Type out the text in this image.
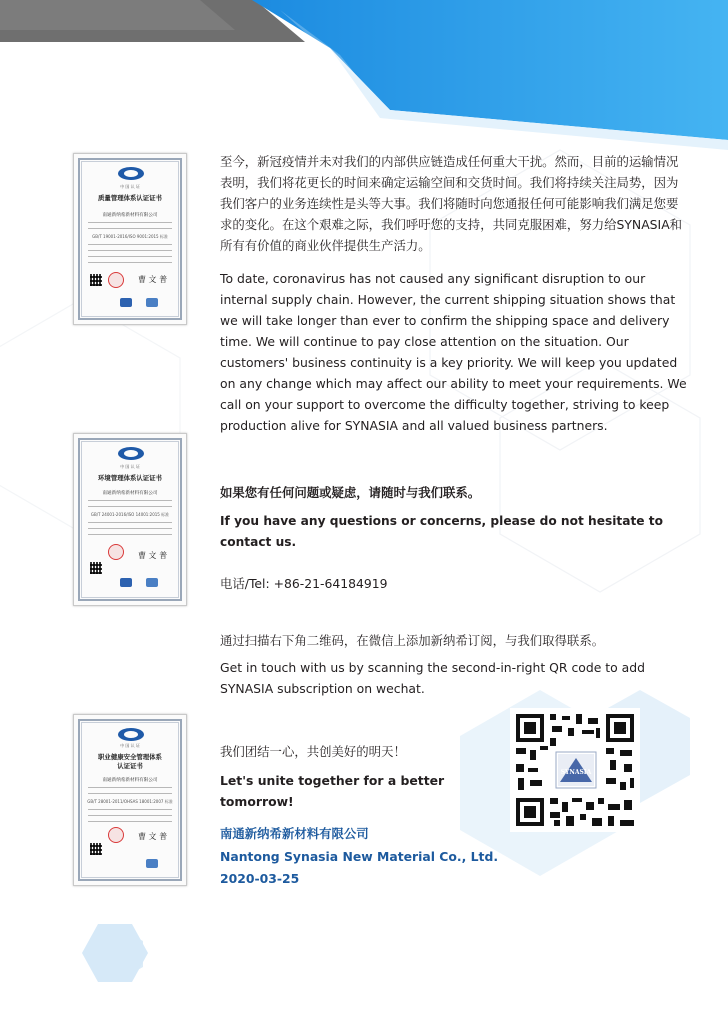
中 国 认 证
质量管理体系认证证书
南通新纳希新材料有限公司
GB/T 19001-2016/ISO 9001:2015 标准
曹 文 普
中 国 认 证
环境管理体系认证证书
南通新纳希新材料有限公司
GB/T 24001-2016/ISO 14001:2015 标准
曹 文 普
中 国 认 证
职业健康安全管理体系
认证证书
南通新纳希新材料有限公司
GB/T 28001-2011/OHSAS 18001:2007 标准
曹 文 普

至今，新冠疫情并未对我们的内部供应链造成任何重大干扰。然而，目前的运输情况表明，我们将花更长的时间来确定运输空间和交货时间。我们将持续关注局势，因为我们客户的业务连续性是头等大事。我们将随时向您通报任何可能影响我们满足您要求的变化。在这个艰难之际，我们呼吁您的支持，共同克服困难，努力给SYNASIA和所有有价值的商业伙伴提供生产活力。

To date, coronavirus has not caused any significant disruption to our internal supply chain. However, the current shipping situation shows that we will take longer than ever to confirm the shipping space and delivery time. We will continue to pay close attention on the situation. Our customers' business continuity is a key priority. We will keep you updated on any change which may affect our ability to meet your requirements. We call on your support to overcome the difficulty together, striving to keep production alive for SYNASIA and all valued business partners.

如果您有任何问题或疑虑，请随时与我们联系。

If you have any questions or concerns, please do not hesitate to contact us.

电话/Tel: +86-21-64184919

通过扫描右下角二维码，在微信上添加新纳希订阅，与我们取得联系。

Get in touch with us by scanning the second-in-right QR code to add SYNASIA subscription on wechat.

我们团结一心，共创美好的明天！

Let's unite together for a better tomorrow!

南通新纳希新材料有限公司

Nantong Synasia New Material Co., Ltd.

2020-03-25

SYNASIA
